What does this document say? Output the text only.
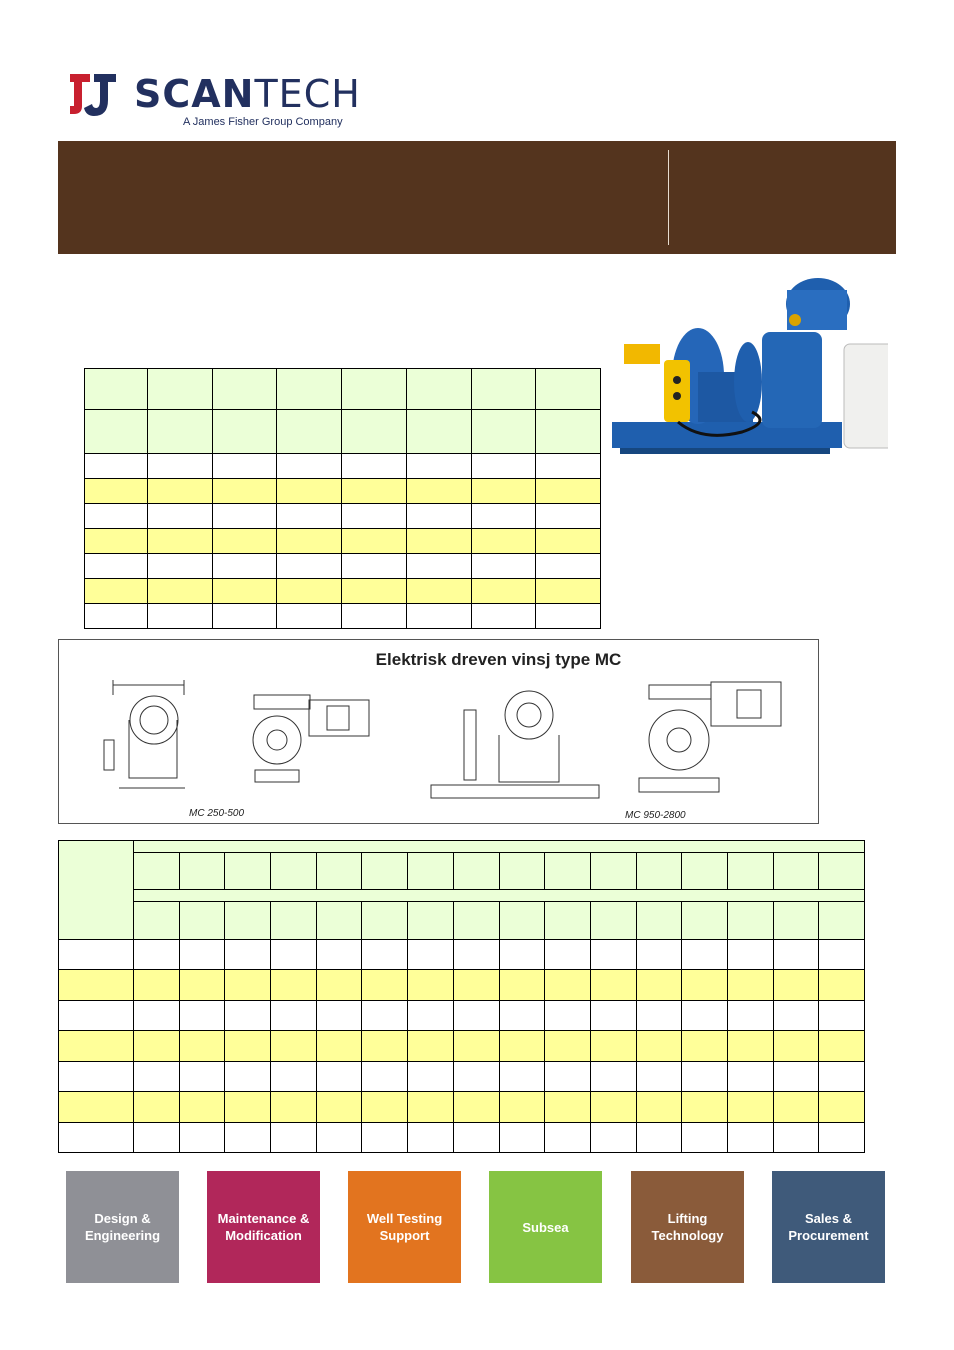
SCANTECH
A James Fisher Group Company

Elektrisk dreven vinsj type MC
MC 250-500	MC 950-2800

Design &
Engineering
Maintenance &
Modification
Well Testing
Support
Subsea
Lifting
Technology
Sales &
Procurement
